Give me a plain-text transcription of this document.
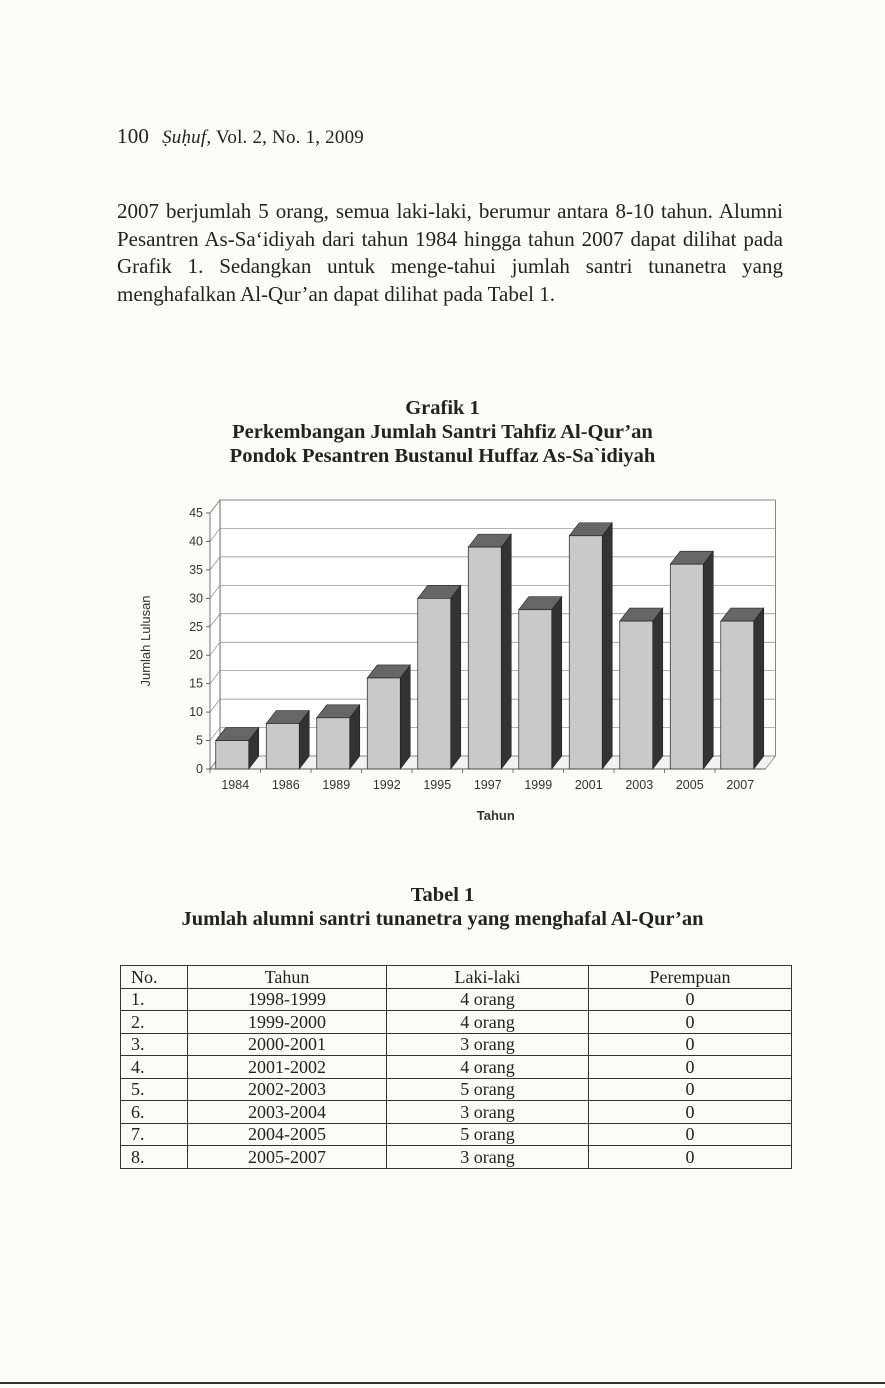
100 Ṣuḥuf, Vol. 2, No. 1, 2009

2007 berjumlah 5 orang, semua laki-laki, berumur antara 8-10 tahun. Alumni Pesantren As-Sa‘idiyah dari tahun 1984 hingga tahun 2007 dapat dilihat pada Grafik 1. Sedangkan untuk menge-tahui jumlah santri tunanetra yang menghafalkan Al-Qur’an dapat dilihat pada Tabel 1.

Grafik 1
Perkembangan Jumlah Santri Tahfiz Al-Qur’an
Pondok Pesantren Bustanul Huffaz As-Sa`idiyah
0
5
10
15
20
25
30
35
40
45
Jumlah Lulusan
1984 1986 1989 1992 1995 1997 1999 2001 2003 2005 2007
Tahun
Tabel 1
Jumlah alumni santri tunanetra yang menghafal Al-Qur’an
No.	Tahun	Laki-laki	Perempuan
1.	1998-1999	4 orang	0
2.	1999-2000	4 orang	0
3.	2000-2001	3 orang	0
4.	2001-2002	4 orang	0
5.	2002-2003	5 orang	0
6.	2003-2004	3 orang	0
7.	2004-2005	5 orang	0
8.	2005-2007	3 orang	0
